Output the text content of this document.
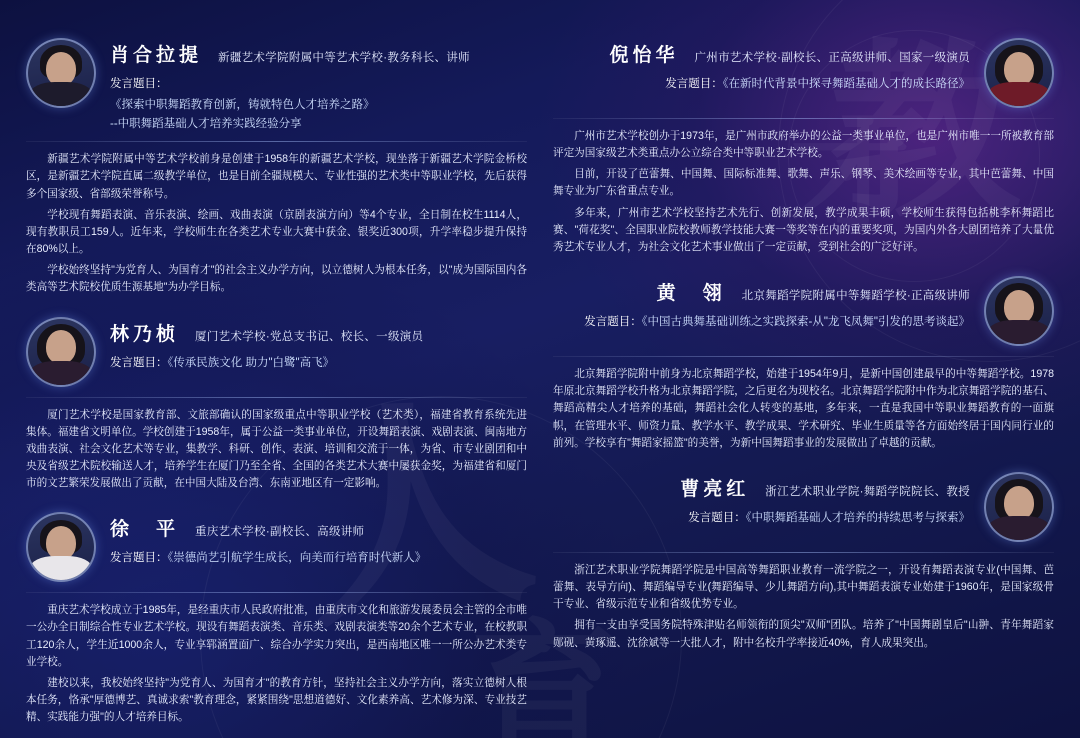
肖合拉提 新疆艺术学院附属中等艺术学校·教务科长、讲师
发言题目：
《探索中职舞蹈教育创新，铸就特色人才培养之路》
--中职舞蹈基础人才培养实践经验分享

新疆艺术学院附属中等艺术学校前身是创建于1958年的新疆艺术学校，现坐落于新疆艺术学院金桥校区，是新疆艺术学院直属二级教学单位，也是目前全疆规模大、专业性强的艺术类中等职业学校，先后获得多个国家级、省部级荣誉称号。

学校现有舞蹈表演、音乐表演、绘画、戏曲表演（京剧表演方向）等4个专业，全日制在校生1114人，现有教职员工159人。近年来，学校师生在各类艺术专业大赛中获金、银奖近300项，升学率稳步提升保持在80%以上。

学校始终坚持"为党育人、为国育才"的社会主义办学方向，以立德树人为根本任务，以"成为国际国内各类高等艺术院校优质生源基地"为办学目标。

林乃桢 厦门艺术学校·党总支书记、校长、一级演员
发言题目：《传承民族文化 助力"白鹭"高飞》

厦门艺术学校是国家教育部、文旅部确认的国家级重点中等职业学校（艺术类），福建省教育系统先进集体。福建省文明单位。学校创建于1958年，属于公益一类事业单位，开设舞蹈表演、戏剧表演、闽南地方戏曲表演、社会文化艺术等专业，集教学、科研、创作、表演、培训和交流于一体，为省、市专业剧团和中央及省级艺术院校输送人才，培养学生在厦门乃至全省、全国的各类艺术大赛中屡获金奖，为福建省和厦门市的文艺繁荣发展做出了贡献，在中国大陆及台湾、东南亚地区有一定影响。

徐　平 重庆艺术学校·副校长、高级讲师
发言题目：《崇德尚艺引航学生成长，向美而行培育时代新人》

重庆艺术学校成立于1985年，是经重庆市人民政府批准，由重庆市文化和旅游发展委员会主管的全市唯一公办全日制综合性专业艺术学校。现设有舞蹈表演类、音乐类、戏剧表演类等20余个艺术专业，在校教职工120余人，学生近1000余人，专业享郓涵置面广、综合办学实力突出，是西南地区唯一一所公办艺术类专业学校。

建校以来，我校始终坚持"为党育人、为国育才"的教育方针，坚持社会主义办学方向，落实立德树人根本任务，恪承"厚德博艺、真诚求索"教育理念，紧紧围绕"思想道德好、文化素养高、艺术修为深、专业技艺精、实践能力强"的人才培养目标。

倪怡华 广州市艺术学校·副校长、正高级讲师、国家一级演员
发言题目：《在新时代背景中探寻舞蹈基础人才的成长路径》

广州市艺术学校创办于1973年，是广州市政府举办的公益一类事业单位，也是广州市唯一一所被教育部评定为国家级艺术类重点办公立综合类中等职业艺术学校。

目前，开设了芭蕾舞、中国舞、国际标准舞、歌舞、声乐、钢琴、美术绘画等专业，其中芭蕾舞、中国舞专业为广东省重点专业。

多年来，广州市艺术学校坚持艺术先行、创新发展，教学成果丰硕，学校师生获得包括桃李杯舞蹈比赛、"荷花奖"、全国职业院校教师教学技能大赛一等奖等在内的重要奖项，为国内外各大剧团培养了大量优秀艺术专业人才，为社会文化艺术事业做出了一定贡献，受到社会的广泛好评。

黄　翎 北京舞蹈学院附属中等舞蹈学校·正高级讲师
发言题目：《中国古典舞基础训练之实践探索-从"龙飞凤舞"引发的思考谈起》

北京舞蹈学院附中前身为北京舞蹈学校，始建于1954年9月，是新中国创建最早的中等舞蹈学校。1978年原北京舞蹈学校升格为北京舞蹈学院，之后更名为现校名。北京舞蹈学院附中作为北京舞蹈学院的基石、舞蹈高精尖人才培养的基础，舞蹈社会化人转变的基地，多年来，一直是我国中等职业舞蹈教育的一面旗帜，在管理水平、师资力量、教学水平、教学成果、学术研究、毕业生质量等各方面始终居于国内同行业的前列。学校享有"舞蹈家摇篮"的美誉，为新中国舞蹈事业的发展做出了卓越的贡献。

曹亮红 浙江艺术职业学院·舞蹈学院院长、教授
发言题目：《中职舞蹈基础人才培养的持续思考与探索》

浙江艺术职业学院舞蹈学院是中国高等舞蹈职业教育一流学院之一，开设有舞蹈表演专业(中国舞、芭蕾舞、表导方向)、舞蹈编导专业(舞蹈编导、少儿舞蹈方向),其中舞蹈表演专业始建于1960年，是国家级骨干专业、省级示范专业和省级优势专业。

拥有一支由享受国务院特殊津贴名师领衔的顶尖"双师"团队。培养了"中国舞剧皇后"山翀、青年舞蹈家郧砚、黄琢遥、沈徐斌等一大批人才，附中名校升学率接近40%，育人成果突出。
